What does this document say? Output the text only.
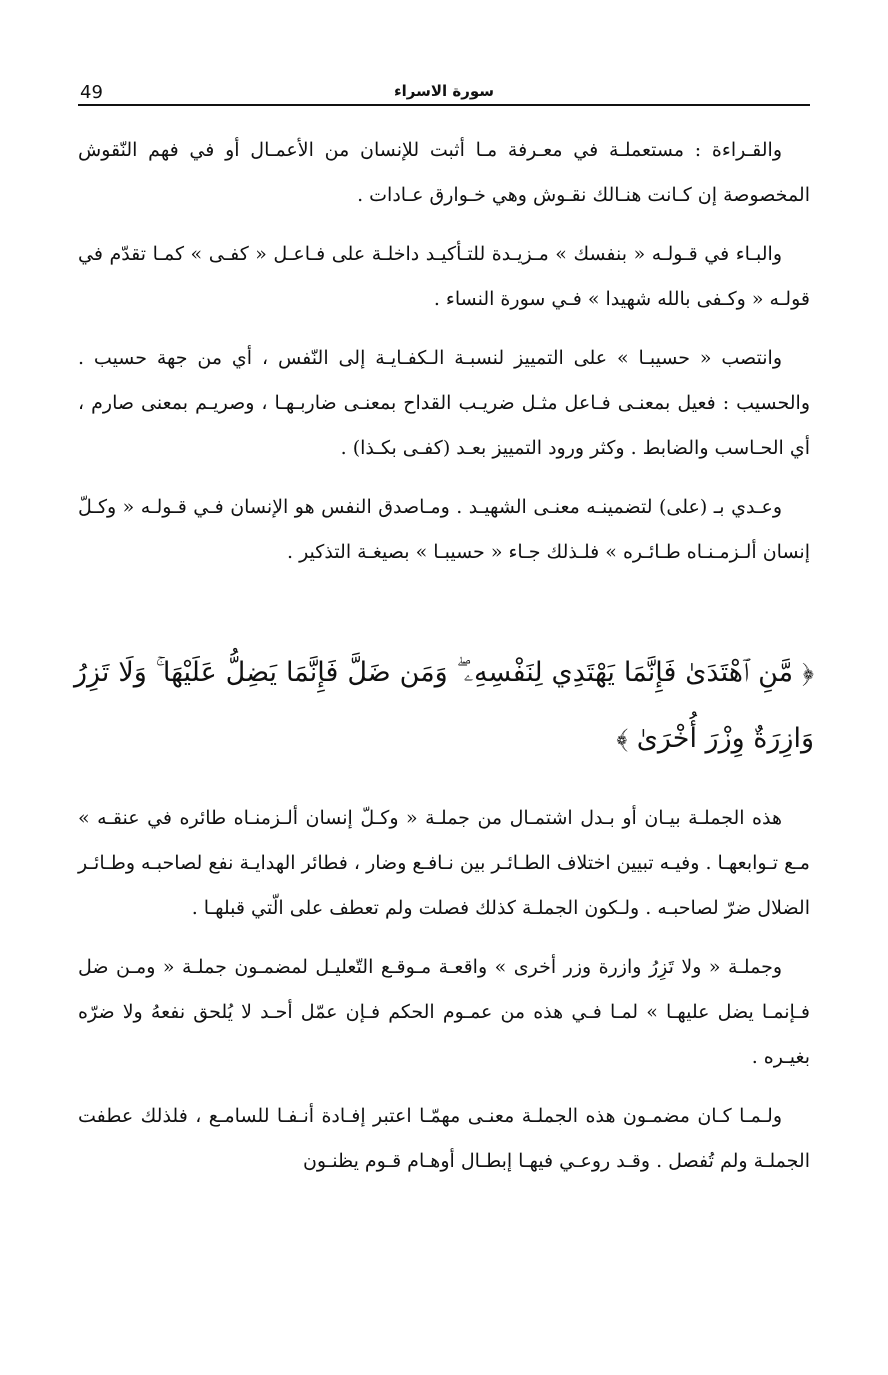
49	سورة الاسراء

والقـراءة : مستعملـة في معـرفة مـا أثبت للإنسان من الأعمـال أو في فهم النّقوش المخصوصة إن كـانت هنـالك نقـوش وهي خـوارق عـادات .

والبـاء في قـولـه « بنفسك » مـزيـدة للتـأكيـد داخلـة على فـاعـل « كفـى » كمـا تقدّم في قولـه « وكـفى بالله شهيدا » فـي سورة النساء .

وانتصب « حسيبـا » على التمييز لنسبـة الـكفـايـة إلى النّفس ، أي من جهة حسيب . والحسيب : فعيل بمعنـى فـاعل مثـل ضريـب القداح بمعنـى ضاربـهـا ، وصريـم بمعنى صارم ، أي الحـاسب والضابط . وكثر ورود التمييز بعـد (كفـى بكـذا) .

وعـدي بـ (على) لتضمينـه معنـى الشهيـد . ومـاصدق النفس هو الإنسان فـي قـولـه « وكـلّ إنسان ألـزمـنـاه طـائـره » فلـذلك جـاء « حسيبـا » بصيغـة التذكير .

﴿ مَّنِ ٱهْتَدَىٰ فَإِنَّمَا يَهْتَدِي لِنَفْسِهِۦ ۖ وَمَن ضَلَّ فَإِنَّمَا يَضِلُّ عَلَيْهَا ۚ وَلَا تَزِرُ وَازِرَةٌ وِزْرَ أُخْرَىٰ ﴾

هذه الجملـة بيـان أو بـدل اشتمـال من جملـة « وكـلّ إنسان ألـزمنـاه طائره في عنقـه » مـع تـوابعهـا . وفيـه تبيين اختلاف الطـائـر بين نـافـع وضار ، فطائر الهدايـة نفع لصاحبـه وطـائـر الضلال ضرّ لصاحبـه . ولـكون الجملـة كذلك فصلت ولم تعطف على الّتي قبلهـا .

وجملـة « ولا تَزِرُ وازرة وزر أخرى » واقعـة مـوقـع التّعليـل لمضمـون جملـة « ومـن ضل فـإنمـا يضل عليهـا » لمـا فـي هذه من عمـوم الحكم فـإن عمّل أحـد لا يُلحق نفعهُ ولا ضرّه بغيـره .

ولـمـا كـان مضمـون هذه الجملـة معنـى مهمّـا اعتبر إفـادة أنـفـا للسامـع ، فلذلك عطفت الجملـة ولم تُفصل . وقـد روعـي فيهـا إبطـال أوهـام قـوم يظنـون
